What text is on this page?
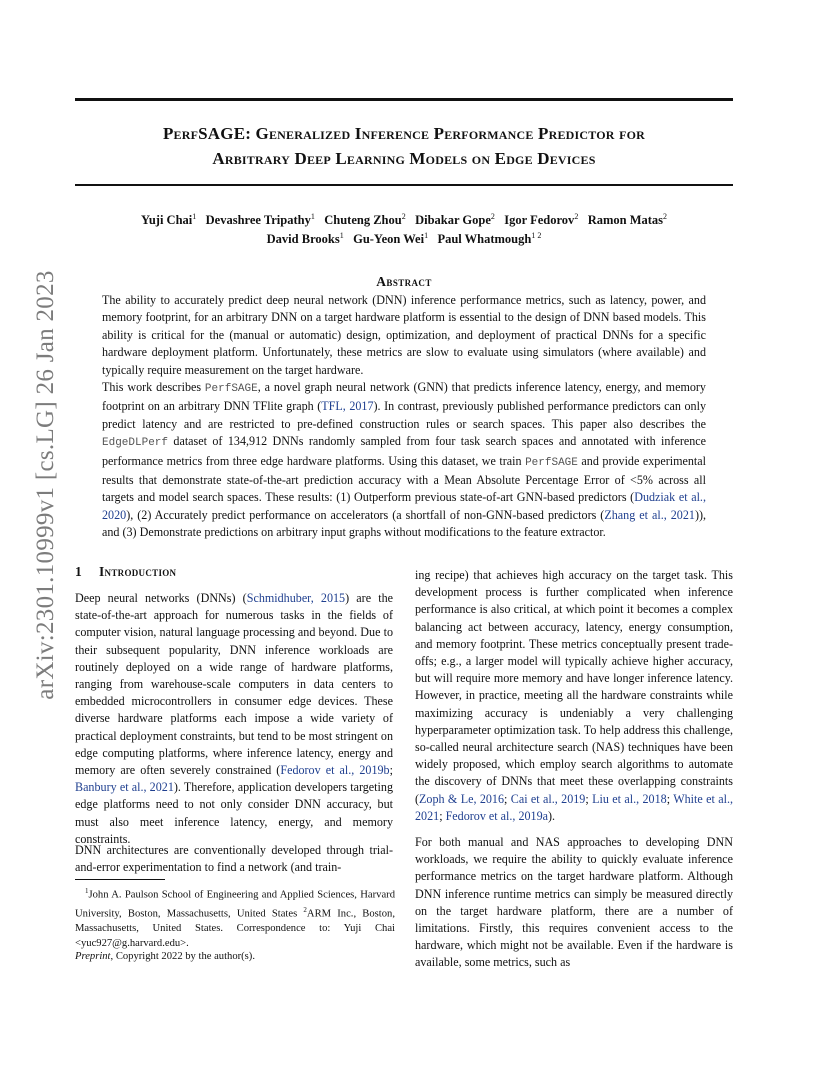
PerfSAGE: Generalized Inference Performance Predictor for
Arbitrary Deep Learning Models on Edge Devices
Yuji Chai$^1$ Devashree Tripathy$^1$ Chuteng Zhou$^2$ Dibakar Gope$^2$ Igor Fedorov$^2$ Ramon Matas$^2$
David Brooks$^1$ Gu-Yeon Wei$^1$ Paul Whatmough$^{1 2}$
arXiv:2301.10999v1 [cs.LG] 26 Jan 2023	Abstract

The ability to accurately predict deep neural network (DNN) inference performance metrics, such as latency, power, and memory footprint, for an arbitrary DNN on a target hardware platform is essential to the design of DNN based models. This ability is critical for the (manual or automatic) design, optimization, and deployment of practical DNNs for a specific hardware deployment platform. Unfortunately, these metrics are slow to evaluate using simulators (where available) and typically require measurement on the target hardware.

This work describes PerfSAGE, a novel graph neural network (GNN) that predicts inference latency, energy, and memory footprint on an arbitrary DNN TFlite graph (TFL, 2017). In contrast, previously published performance predictors can only predict latency and are restricted to pre-defined construction rules or search spaces. This paper also describes the EdgeDLPerf dataset of 134,912 DNNs randomly sampled from four task search spaces and annotated with inference performance metrics from three edge hardware platforms. Using this dataset, we train PerfSAGE and provide experimental results that demonstrate state-of-the-art prediction accuracy with a Mean Absolute Percentage Error of <5% across all targets and model search spaces. These results: (1) Outperform previous state-of-art GNN-based predictors (Dudziak et al., 2020), (2) Accurately predict performance on accelerators (a shortfall of non-GNN-based predictors (Zhang et al., 2021)), and (3) Demonstrate predictions on arbitrary input graphs without modifications to the feature extractor.

1 Introduction

Deep neural networks (DNNs) (Schmidhuber, 2015) are the state-of-the-art approach for numerous tasks in the fields of computer vision, natural language processing and beyond. Due to their subsequent popularity, DNN inference workloads are routinely deployed on a wide range of hardware platforms, ranging from warehouse-scale computers in data centers to embedded microcontrollers in consumer edge devices. These diverse hardware platforms each impose a wide variety of practical deployment constraints, but tend to be most stringent on edge computing platforms, where inference latency, energy and memory are often severely constrained (Fedorov et al., 2019b; Banbury et al., 2021). Therefore, application developers targeting edge platforms need to not only consider DNN accuracy, but must also meet inference latency, energy, and memory constraints.

DNN architectures are conventionally developed through trial-and-error experimentation to find a network (and train-

$^1$John A. Paulson School of Engineering and Applied Sciences, Harvard University, Boston, Massachusetts, United States $^2$ARM Inc., Boston, Massachusetts, United States. Correspondence to: Yuji Chai <yuc927@g.harvard.edu>.

Preprint, Copyright 2022 by the author(s).

ing recipe) that achieves high accuracy on the target task. This development process is further complicated when inference performance is also critical, at which point it becomes a complex balancing act between accuracy, latency, energy consumption, and memory footprint. These metrics conceptually present trade-offs; e.g., a larger model will typically achieve higher accuracy, but will require more memory and have longer inference latency. However, in practice, meeting all the hardware constraints while maximizing accuracy is undeniably a very challenging hyperparameter optimization task. To help address this challenge, so-called neural architecture search (NAS) techniques have been widely proposed, which employ search algorithms to automate the discovery of DNNs that meet these overlapping constraints (Zoph & Le, 2016; Cai et al., 2019; Liu et al., 2018; White et al., 2021; Fedorov et al., 2019a).

For both manual and NAS approaches to developing DNN workloads, we require the ability to quickly evaluate inference performance metrics on the target hardware platform. Although DNN inference runtime metrics can simply be measured directly on the target hardware platform, there are a number of limitations. Firstly, this requires convenient access to the hardware, which might not be available. Even if the hardware is available, some metrics, such as
